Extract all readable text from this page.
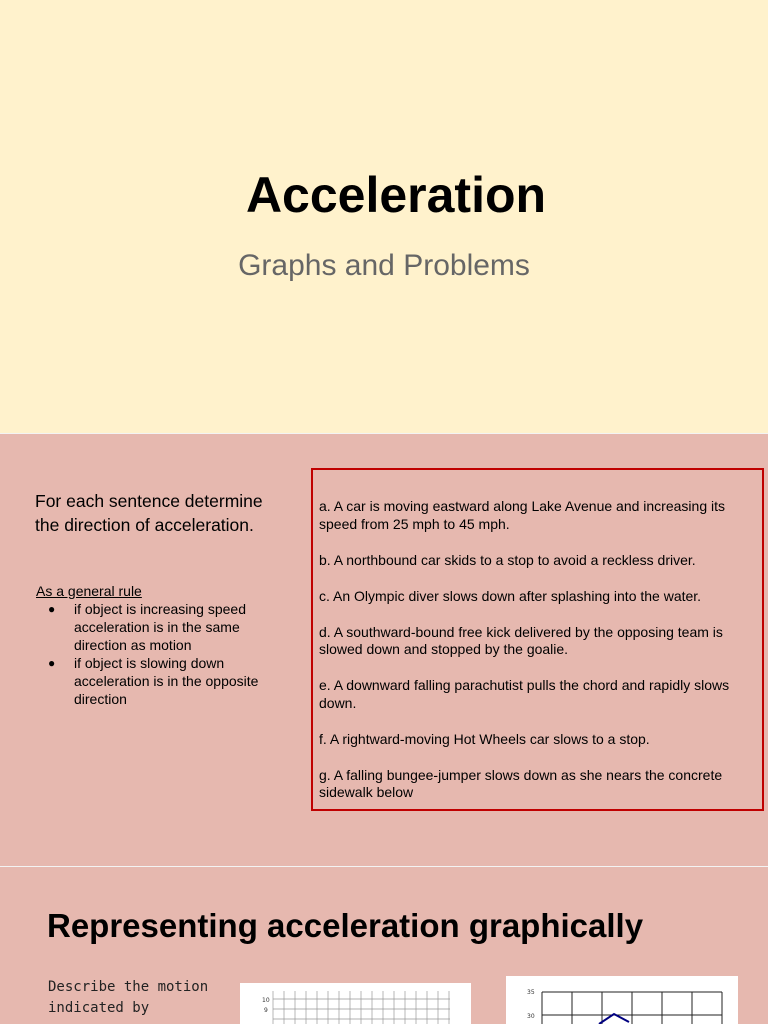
Acceleration
Graphs and Problems
For each sentence determine the direction of acceleration.
As a general rule
● if object is increasing speed acceleration is in the same direction as motion
● if object is slowing down acceleration is in the opposite direction

a. A car is moving eastward along Lake Avenue and increasing its speed from 25 mph to 45 mph.

b. A northbound car skids to a stop to avoid a reckless driver.

c. An Olympic diver slows down after splashing into the water.

d. A southward-bound free kick delivered by the opposing team is slowed down and stopped by the goalie.

e. A downward falling parachutist pulls the chord and rapidly slows down.

f. A rightward-moving Hot Wheels car slows to a stop.

g. A falling bungee-jumper slows down as she nears the concrete sidewalk below

Representing acceleration graphically
Describe the motion indicated by	10
9
35
30
